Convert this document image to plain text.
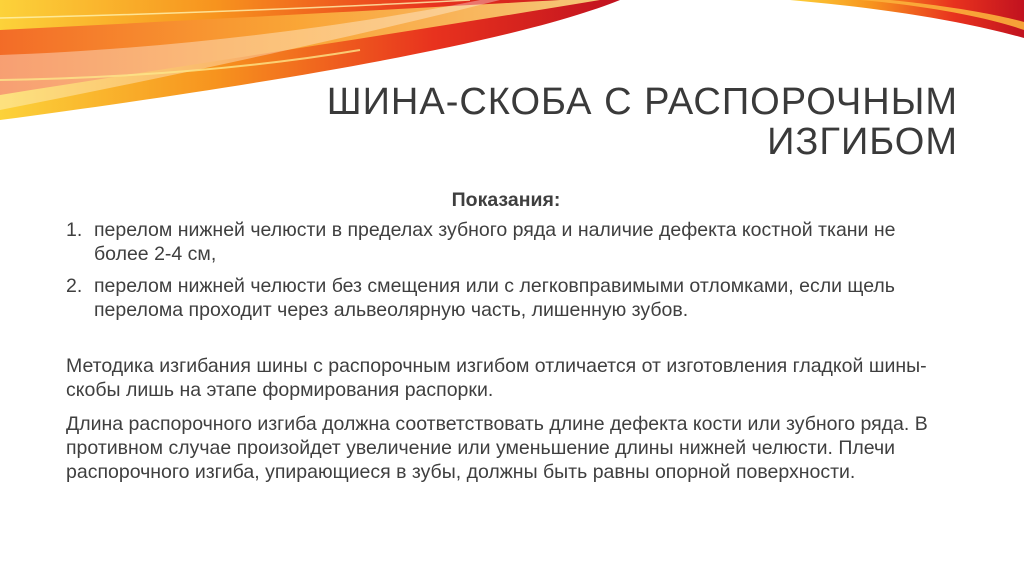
ШИНА-СКОБА С РАСПОРОЧНЫМ
ИЗГИБОМ
Показания:
1. перелом нижней челюсти в пределах зубного ряда и наличие дефекта костной ткани не более 2-4 см,
2. перелом нижней челюсти без смещения или с легковправимыми отломками, если щель перелома проходит через альвеолярную часть, лишенную зубов.

Методика изгибания шины с распорочным изгибом отличается от изготовления гладкой шины-скобы лишь на этапе формирования распорки.

Длина распорочного изгиба должна соответствовать длине дефекта кости или зубного ряда. В противном случае произойдет увеличение или уменьшение длины нижней челюсти. Плечи распорочного изгиба, упирающиеся в зубы, должны быть равны опорной поверхности.
